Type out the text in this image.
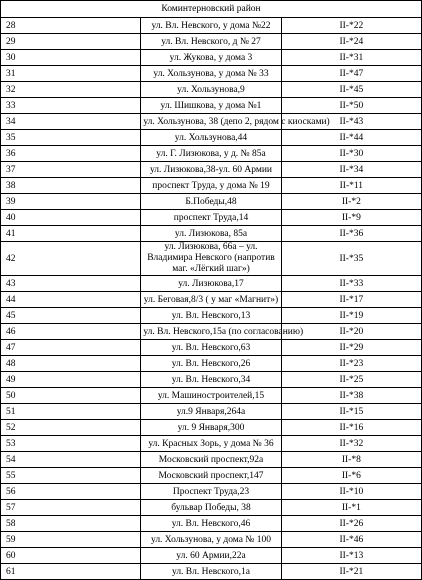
Коминтерновский район		
28	ул. Вл. Невского, у дома №22	II-*22
29	ул. Вл. Невского, д № 27	II-*24
30	ул. Жукова, у дома 3	II-*31
31	ул. Хользунова, у дома № 33	II-*47
32	ул. Хользунова,9	II-*45
33	ул. Шишкова, у дома №1	II-*50
34	ул. Хользунова, 38 (депо 2, рядом с киосками)	II-*43
35	ул. Хользунова,44	II-*44
36	ул. Г. Лизюкова, у д. № 85а	II-*30
37	ул. Лизюкова,38-ул. 60 Армии	II-*34
38	проспект Труда, у дома № 19	II-*11
39	Б.Победы,48	II-*2
40	проспект Труда,14	II-*9
41	ул. Лизюкова, 85а	II-*36
42	ул. Лизюкова, 66а – ул. Владимира Невского (напротив маг. «Лёгкий шаг»)	II-*35
43	ул. Лизюкова,17	II-*33
44	ул. Беговая,8/3 ( у маг «Магнит»)	II-*17
45	ул. Вл. Невского,13	II-*19
46	ул. Вл. Невского,15а (по согласованию)	II-*20
47	ул. Вл. Невского,63	II-*29
48	ул. Вл. Невского,26	II-*23
49	ул. Вл. Невского,34	II-*25
50	ул. Машиностроителей,15	II-*38
51	ул.9 Января,264а	II-*15
52	ул. 9 Января,300	II-*16
53	ул. Красных Зорь, у дома № 36	II-*32
54	Московский проспект,92а	II-*8
55	Московский проспект,147	II-*6
56	Проспект Труда,23	II-*10
57	бульвар Победы, 38	II-*1
58	ул. Вл. Невского,46	II-*26
59	ул. Хользунова, у дома № 100	II-*46
60	ул. 60 Армии,22а	II-*13
61	ул. Вл. Невского,1а	II-*21
